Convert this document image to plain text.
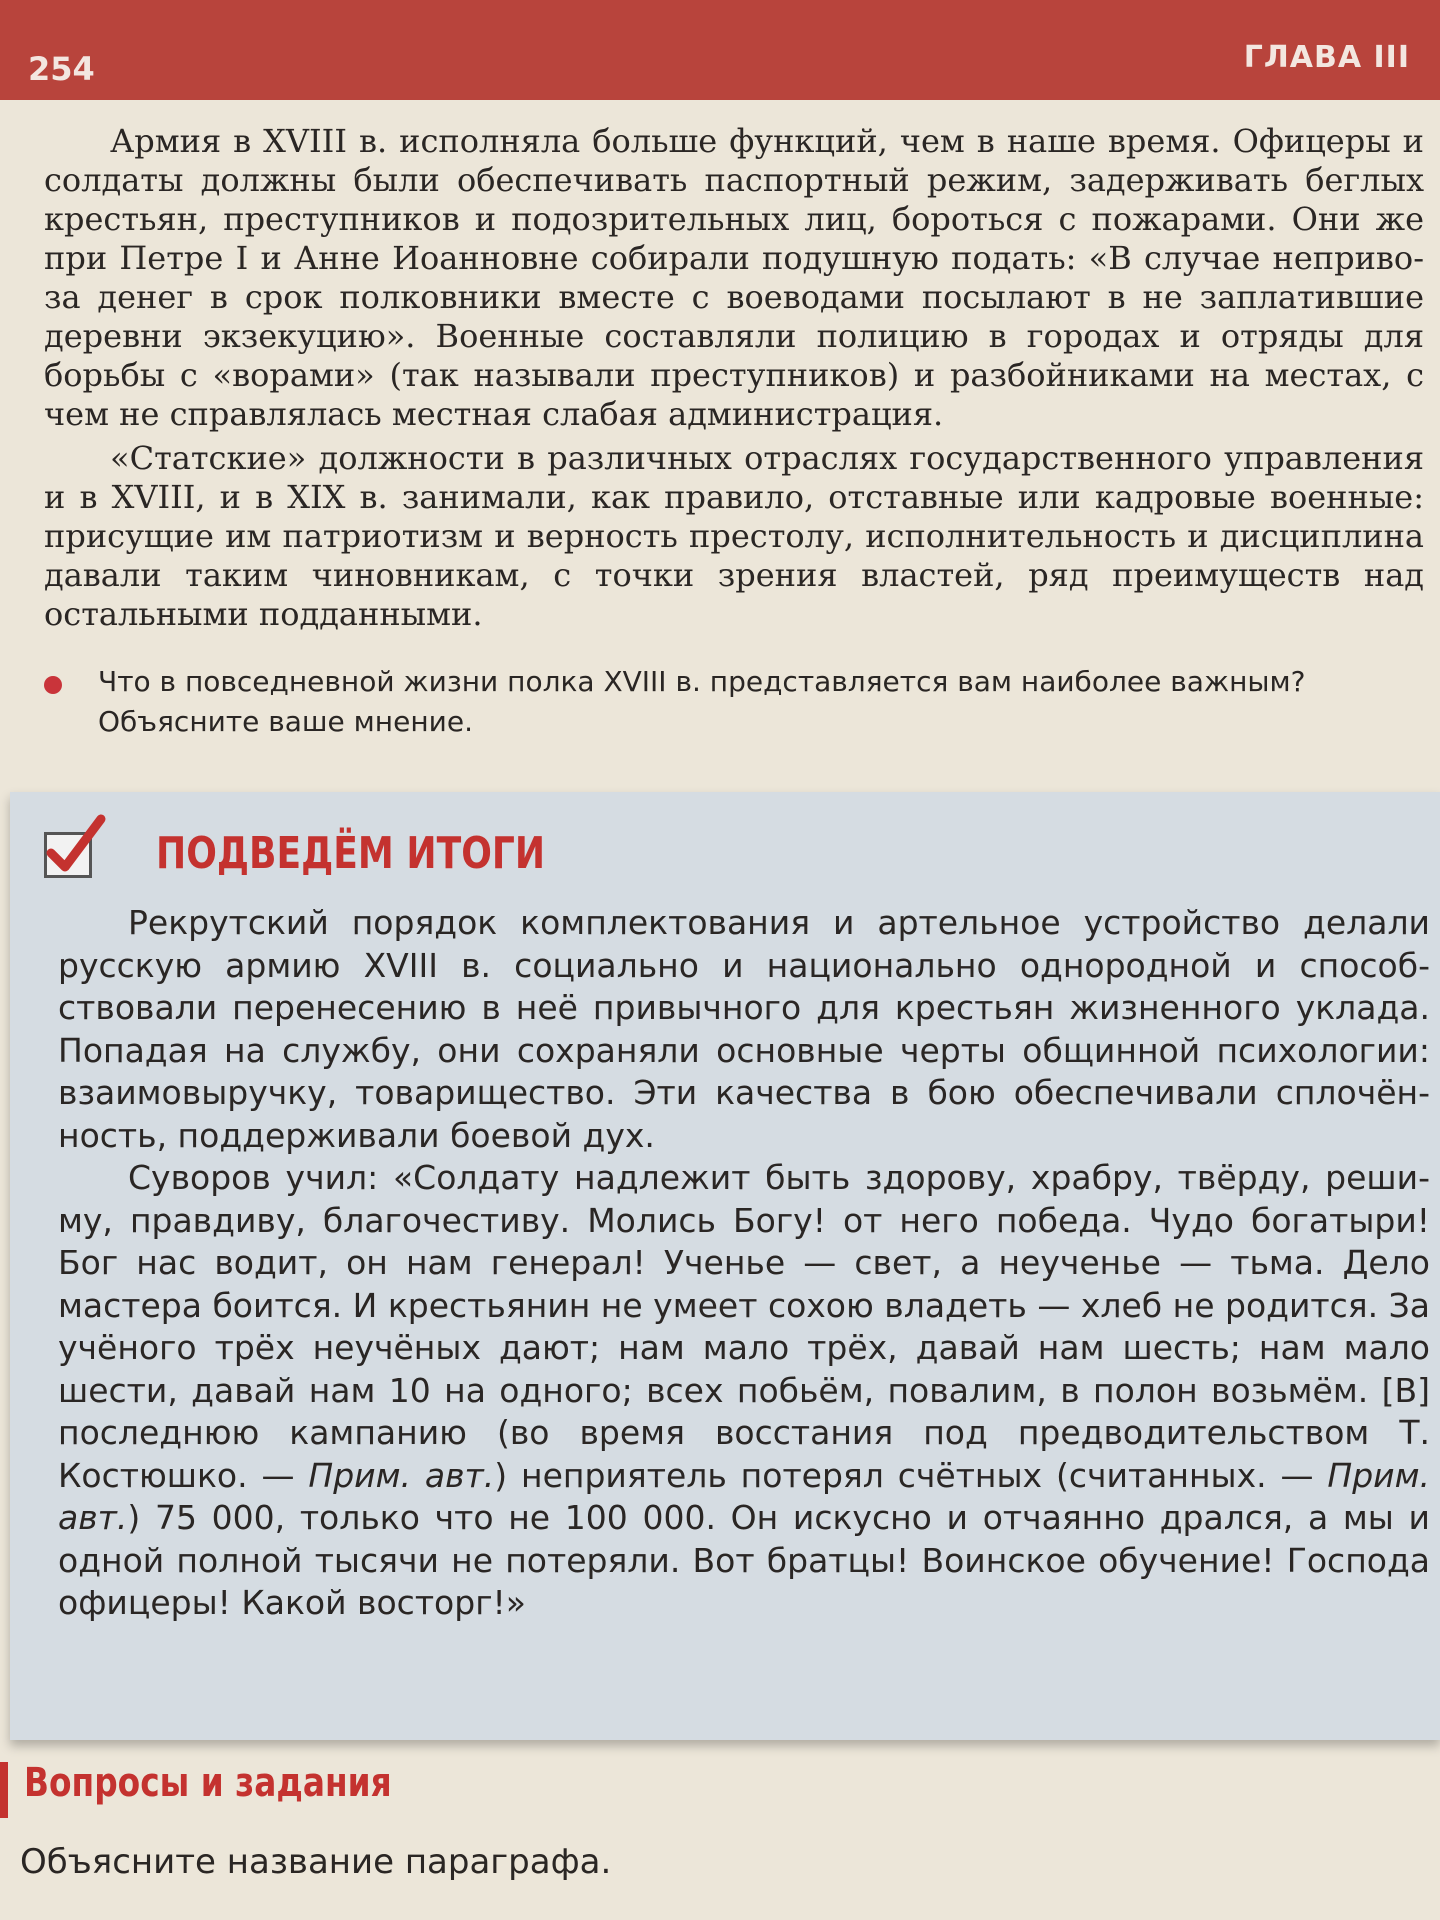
254	ГЛАВА III

Армия в XVIII в. исполняла больше функций, чем в наше время. Офицеры и солдаты должны были обеспечивать паспортный режим, задерживать беглых крестьян, преступников и подозрительных лиц, бороться с пожарами. Они же при Петре I и Анне Иоанновне собирали подушную подать: «В случае непривоза денег в срок полковники вместе с воеводами посылают в не заплатившие деревни экзекуцию». Военные составляли полицию в городах и отряды для борьбы с «ворами» (так называли преступников) и разбойниками на местах, с чем не справлялась местная слабая администрация.

«Статские» должности в различных отраслях государственного управления и в XVIII, и в XIX в. занимали, как правило, отставные или кадровые военные: присущие им патриотизм и верность престолу, исполнительность и дисциплина давали таким чиновникам, с точки зрения властей, ряд преимуществ над остальными подданными.

Что в повседневной жизни полка XVIII в. представляется вам наиболее важным? Объясните ваше мнение.
ПОДВЕДЁМ ИТОГИ

Рекрутский порядок комплектования и артельное устройство делали русскую армию XVIII в. социально и национально однородной и способствовали перенесению в неё привычного для крестьян жизненного уклада. Попадая на службу, они сохраняли основные черты общинной психологии: взаимовыручку, товарищество. Эти качества в бою обеспечивали сплочённость, поддерживали боевой дух.

Суворов учил: «Солдату надлежит быть здорову, храбру, твёрду, решиму, правдиву, благочестиву. Молись Богу! от него победа. Чудо богатыри! Бог нас водит, он нам генерал! Ученье — свет, а неученье — тьма. Дело мастера боится. И крестьянин не умеет сохою владеть — хлеб не родится. За учёного трёх неучёных дают; нам мало трёх, давай нам шесть; нам мало шести, давай нам 10 на одного; всех побьём, повалим, в полон возьмём. [В] последнюю кампанию (во время восстания под предводительством Т. Костюшко. — Прим. авт.) неприятель потерял счётных (считанных. — Прим. авт.) 75 000, только что не 100 000. Он искусно и отчаянно дрался, а мы и одной полной тысячи не потеряли. Вот братцы! Воинское обучение! Господа офицеры! Какой восторг!»

Вопросы и задания
Объясните название параграфа.
